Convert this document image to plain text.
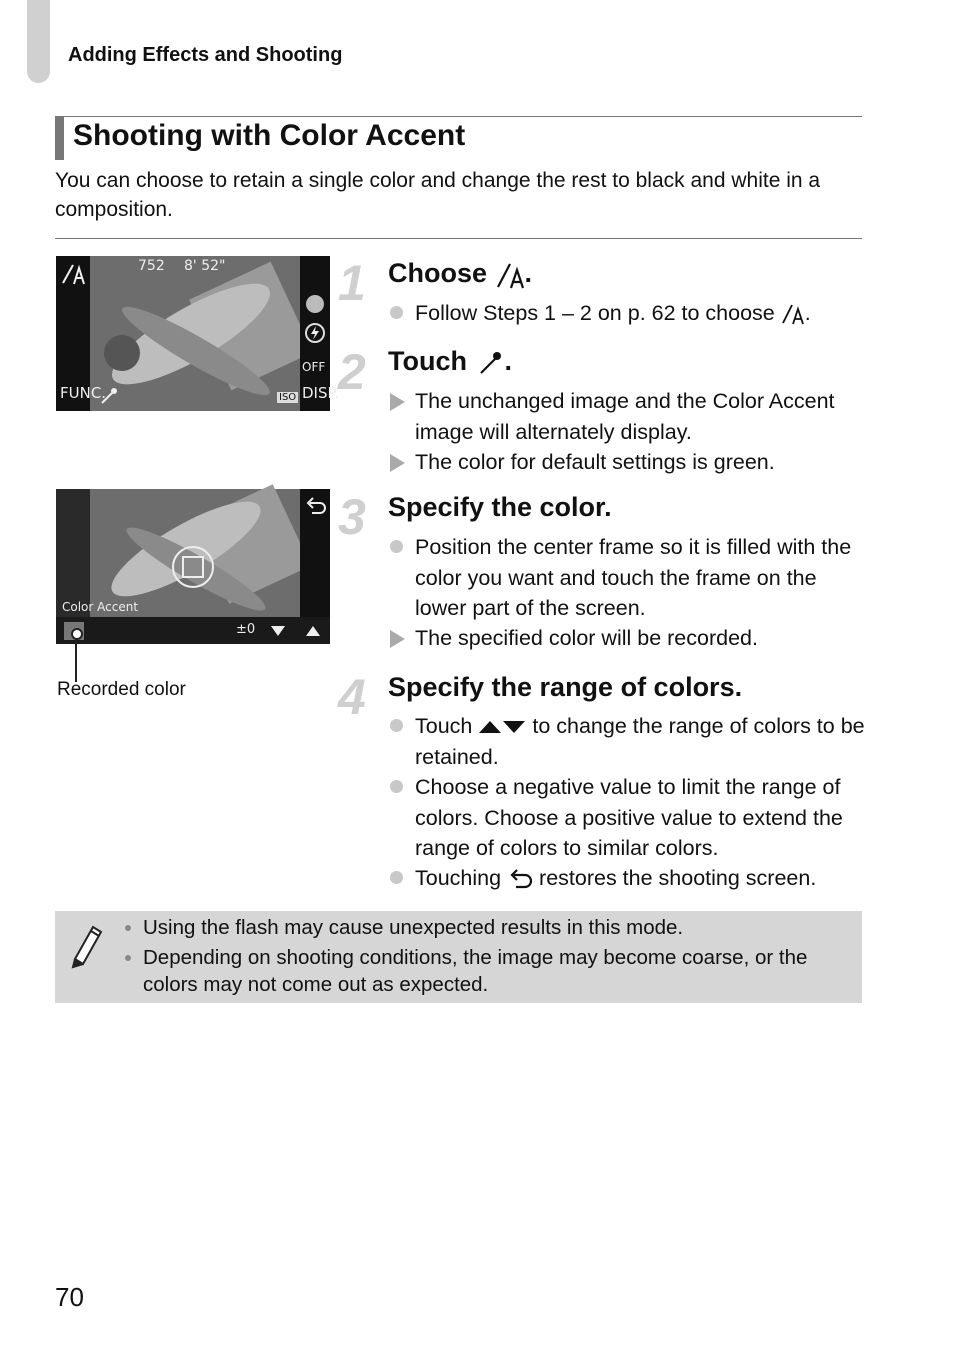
Adding Effects and Shooting
Shooting with Color Accent
You can choose to retain a single color and change the rest to black and white in a composition.
752 8' 52"
OFF
FUNC.	ISO DISP.
Color Accent
±0
Recorded color
1 Choose .
Follow Steps 1 – 2 on p. 62 to choose .
2 Touch .
The unchanged image and the Color Accent image will alternately display.
The color for default settings is green.
3 Specify the color.
Position the center frame so it is filled with the color you want and touch the frame on the lower part of the screen.
The specified color will be recorded.
4 Specify the range of colors.
Touch	to change the range of colors to be retained.
Choose a negative value to limit the range of colors. Choose a positive value to extend the range of colors to similar colors.
Touching restores the shooting screen.
Using the flash may cause unexpected results in this mode.
Depending on shooting conditions, the image may become coarse, or the colors may not come out as expected.
70
